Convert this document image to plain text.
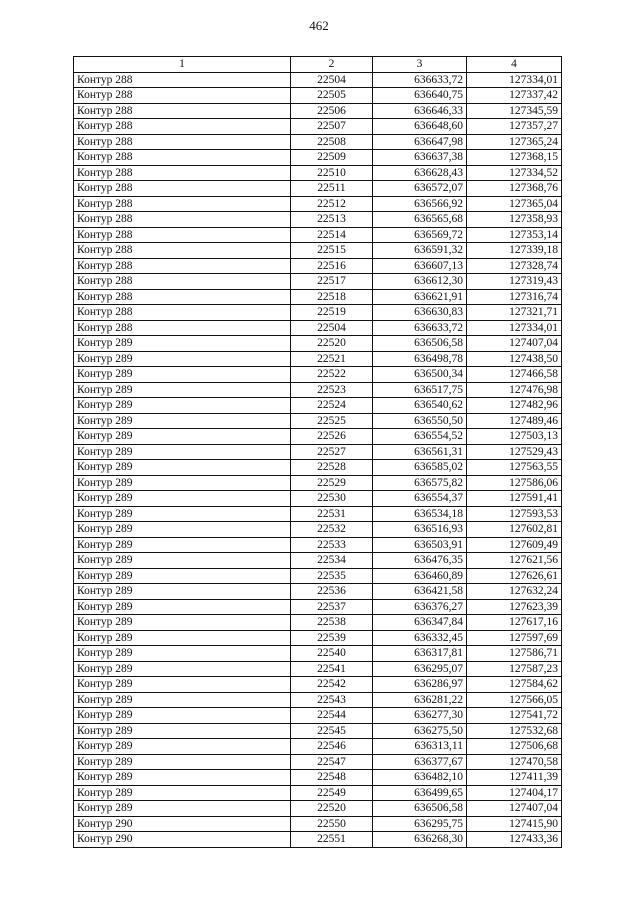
462
1	2	3	4
Контур 288	22504	636633,72	127334,01
Контур 288	22505	636640,75	127337,42
Контур 288	22506	636646,33	127345,59
Контур 288	22507	636648,60	127357,27
Контур 288	22508	636647,98	127365,24
Контур 288	22509	636637,38	127368,15
Контур 288	22510	636628,43	127334,52
Контур 288	22511	636572,07	127368,76
Контур 288	22512	636566,92	127365,04
Контур 288	22513	636565,68	127358,93
Контур 288	22514	636569,72	127353,14
Контур 288	22515	636591,32	127339,18
Контур 288	22516	636607,13	127328,74
Контур 288	22517	636612,30	127319,43
Контур 288	22518	636621,91	127316,74
Контур 288	22519	636630,83	127321,71
Контур 288	22504	636633,72	127334,01
Контур 289	22520	636506,58	127407,04
Контур 289	22521	636498,78	127438,50
Контур 289	22522	636500,34	127466,58
Контур 289	22523	636517,75	127476,98
Контур 289	22524	636540,62	127482,96
Контур 289	22525	636550,50	127489,46
Контур 289	22526	636554,52	127503,13
Контур 289	22527	636561,31	127529,43
Контур 289	22528	636585,02	127563,55
Контур 289	22529	636575,82	127586,06
Контур 289	22530	636554,37	127591,41
Контур 289	22531	636534,18	127593,53
Контур 289	22532	636516,93	127602,81
Контур 289	22533	636503,91	127609,49
Контур 289	22534	636476,35	127621,56
Контур 289	22535	636460,89	127626,61
Контур 289	22536	636421,58	127632,24
Контур 289	22537	636376,27	127623,39
Контур 289	22538	636347,84	127617,16
Контур 289	22539	636332,45	127597,69
Контур 289	22540	636317,81	127586,71
Контур 289	22541	636295,07	127587,23
Контур 289	22542	636286,97	127584,62
Контур 289	22543	636281,22	127566,05
Контур 289	22544	636277,30	127541,72
Контур 289	22545	636275,50	127532,68
Контур 289	22546	636313,11	127506,68
Контур 289	22547	636377,67	127470,58
Контур 289	22548	636482,10	127411,39
Контур 289	22549	636499,65	127404,17
Контур 289	22520	636506,58	127407,04
Контур 290	22550	636295,75	127415,90
Контур 290	22551	636268,30	127433,36
